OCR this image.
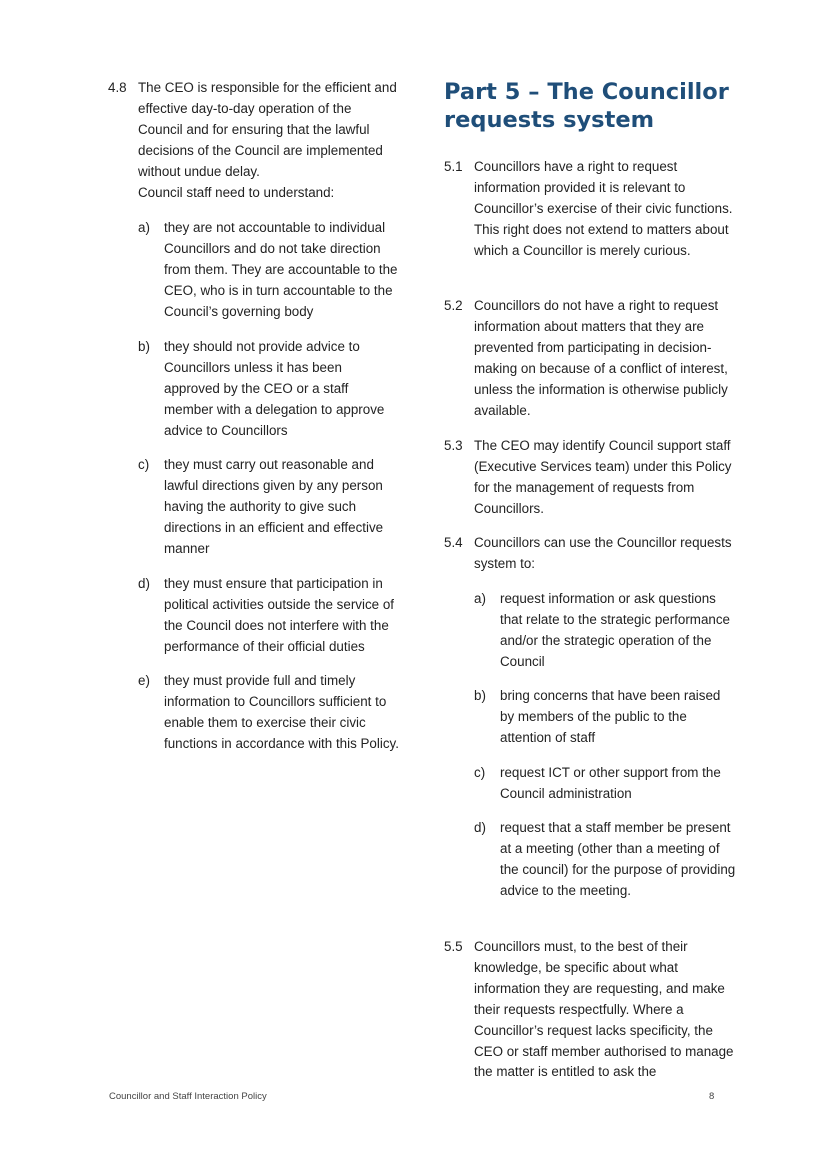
4.8 The CEO is responsible for the efficient and effective day-to-day operation of the Council and for ensuring that the lawful decisions of the Council are implemented without undue delay.
Council staff need to understand:
a)	they are not accountable to individual Councillors and do not take direction from them. They are accountable to the CEO, who is in turn accountable to the Council’s governing body
b)	they should not provide advice to Councillors unless it has been approved by the CEO or a staff member with a delegation to approve advice to Councillors
c)	they must carry out reasonable and lawful directions given by any person having the authority to give such directions in an efficient and effective manner
d)	they must ensure that participation in political activities outside the service of the Council does not interfere with the performance of their official duties
e)	they must provide full and timely information to Councillors sufficient to enable them to exercise their civic functions in accordance with this Policy.
Part 5 – The Councillor requests system
5.1 Councillors have a right to request information provided it is relevant to Councillor’s exercise of their civic functions. This right does not extend to matters about which a Councillor is merely curious.
5.2 Councillors do not have a right to request information about matters that they are prevented from participating in decision-making on because of a conflict of interest, unless the information is otherwise publicly available.
5.3 The CEO may identify Council support staff (Executive Services team) under this Policy for the management of requests from Councillors.
5.4 Councillors can use the Councillor requests system to:
a)	request information or ask questions that relate to the strategic performance and/or the strategic operation of the Council
b)	bring concerns that have been raised by members of the public to the attention of staff
c)	request ICT or other support from the Council administration
d)	request that a staff member be present at a meeting (other than a meeting of the council) for the purpose of providing advice to the meeting.
5.5 Councillors must, to the best of their knowledge, be specific about what information they are requesting, and make their requests respectfully. Where a Councillor’s request lacks specificity, the CEO or staff member authorised to manage the matter is entitled to ask the
Councillor and Staff Interaction Policy	8
